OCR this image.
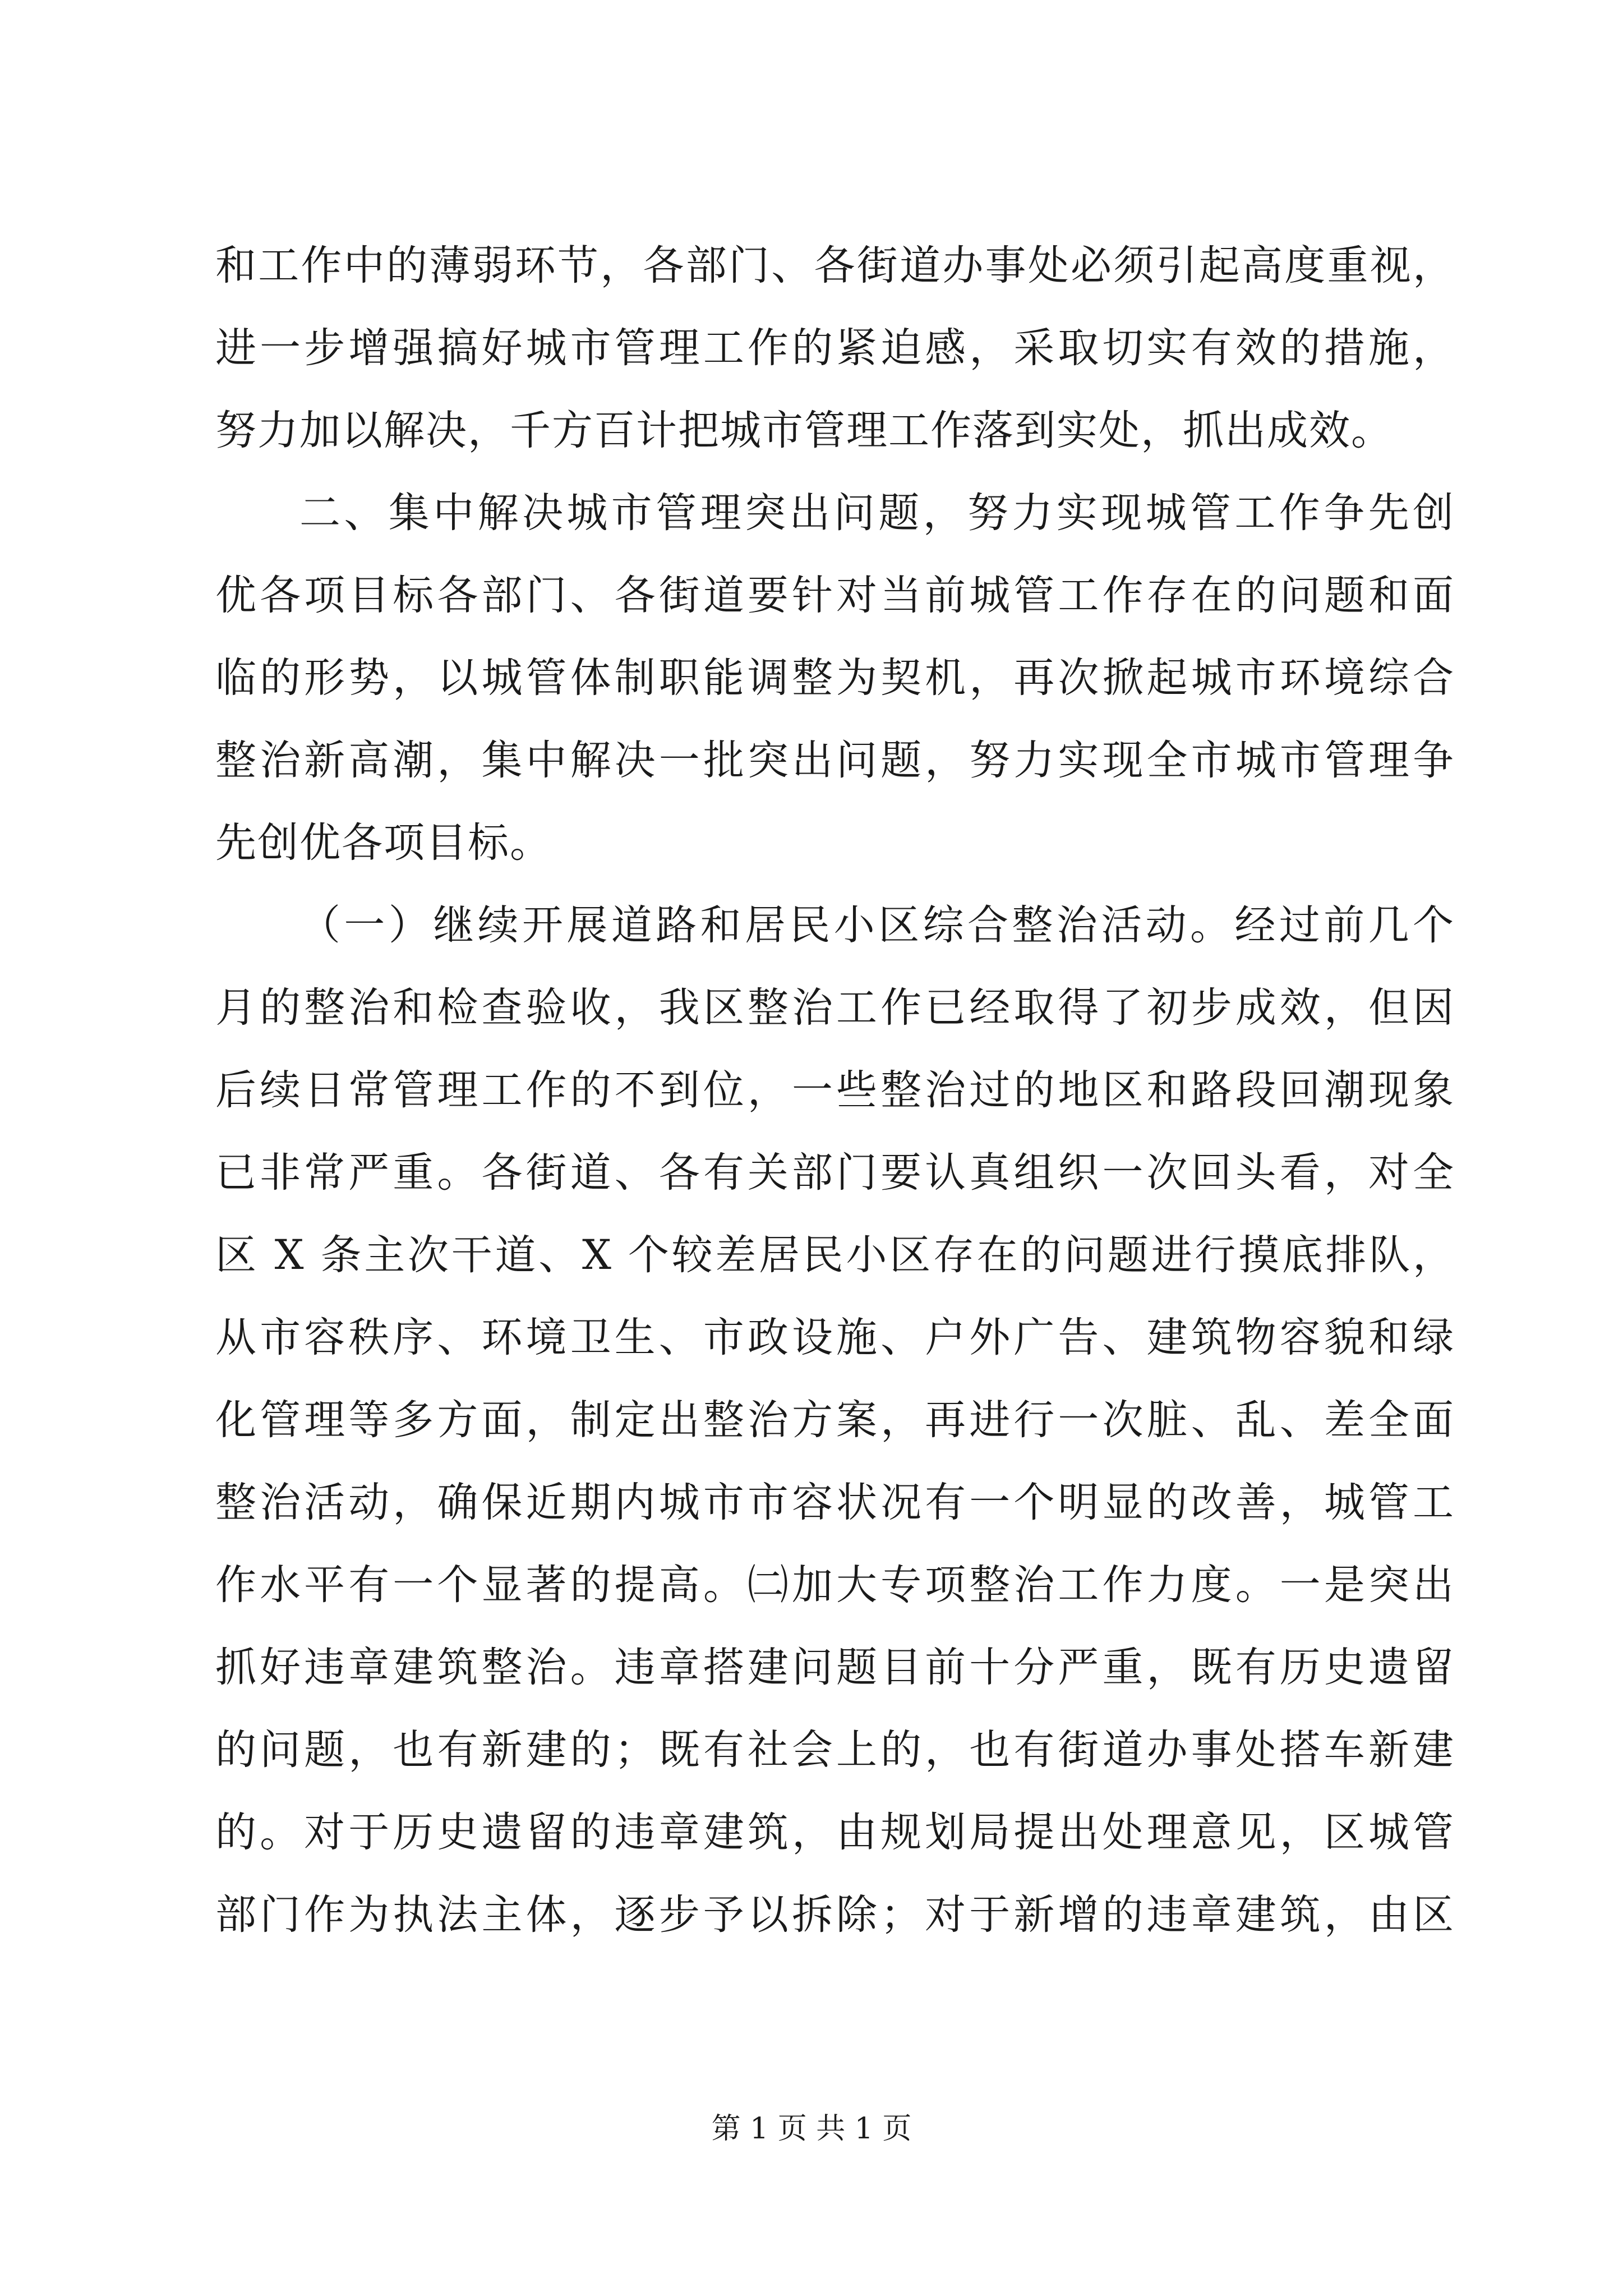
和工作中的薄弱环节，各部门、各街道办事处必须引起高度重视，
进一步增强搞好城市管理工作的紧迫感，采取切实有效的措施，
努力加以解决，千方百计把城市管理工作落到实处，抓出成效。
二、集中解决城市管理突出问题，努力实现城管工作争先创
优各项目标各部门、各街道要针对当前城管工作存在的问题和面
临的形势，以城管体制职能调整为契机，再次掀起城市环境综合
整治新高潮，集中解决一批突出问题，努力实现全市城市管理争
先创优各项目标。
（一）继续开展道路和居民小区综合整治活动。经过前几个
月的整治和检查验收，我区整治工作已经取得了初步成效，但因
后续日常管理工作的不到位，一些整治过的地区和路段回潮现象
已非常严重。各街道、各有关部门要认真组织一次回头看，对全
区 X 条主次干道、X 个较差居民小区存在的问题进行摸底排队，
从市容秩序、环境卫生、市政设施、户外广告、建筑物容貌和绿
化管理等多方面，制定出整治方案，再进行一次脏、乱、差全面
整治活动，确保近期内城市市容状况有一个明显的改善，城管工
作水平有一个显著的提高。㈡加大专项整治工作力度。一是突出
抓好违章建筑整治。违章搭建问题目前十分严重，既有历史遗留
的问题，也有新建的；既有社会上的，也有街道办事处搭车新建
的。对于历史遗留的违章建筑，由规划局提出处理意见，区城管
部门作为执法主体，逐步予以拆除；对于新增的违章建筑，由区
第 1 页 共 1 页
